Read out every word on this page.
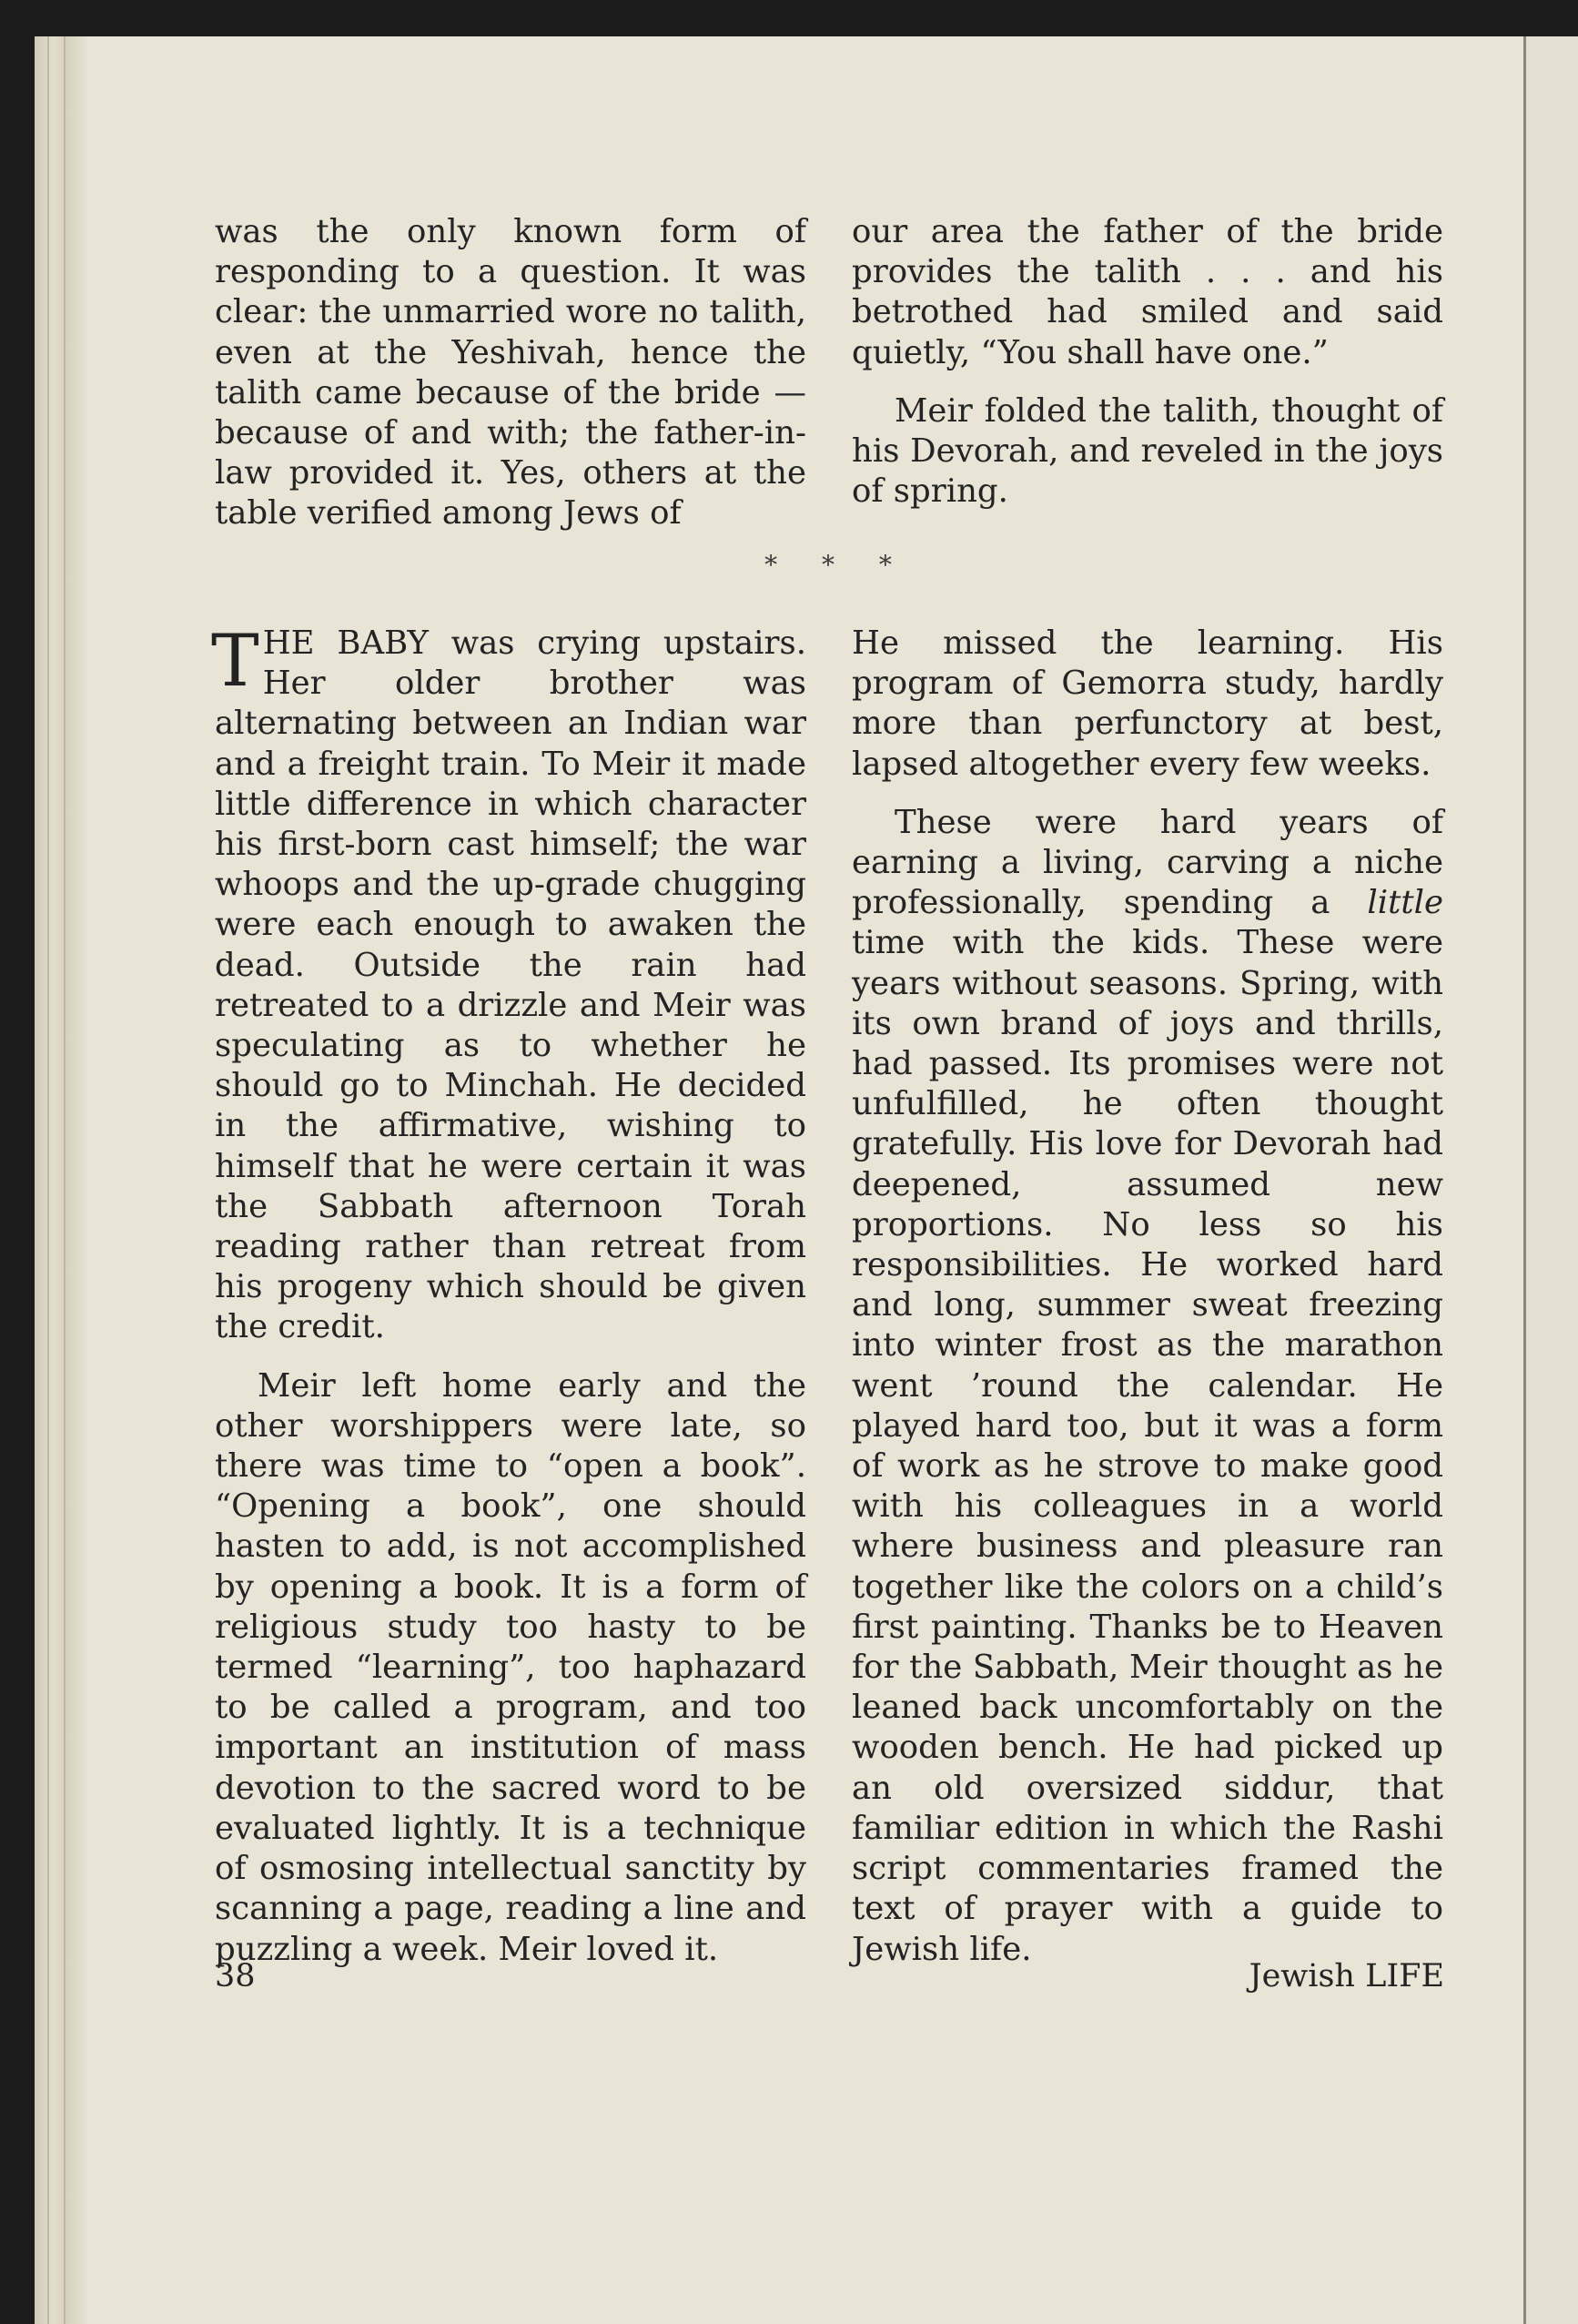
was the only known form of responding to a question. It was clear: the unmarried wore no talith, even at the Yeshivah, hence the talith came because of the bride —because of and with; the father-in-law provided it. Yes, others at the table verified among Jews of

our area the father of the bride provides the talith . . . and his betrothed had smiled and said quietly, “You shall have one.”

Meir folded the talith, thought of his Devorah, and reveled in the joys of spring.

* * *

THE BABY was crying upstairs. Her older brother was alternating between an Indian war and a freight train. To Meir it made little difference in which character his first-born cast himself; the war whoops and the up-grade chugging were each enough to awaken the dead. Outside the rain had retreated to a drizzle and Meir was speculating as to whether he should go to Minchah. He decided in the affirmative, wishing to himself that he were certain it was the Sabbath afternoon Torah reading rather than retreat from his progeny which should be given the credit.

Meir left home early and the other worshippers were late, so there was time to “open a book”. “Opening a book”, one should hasten to add, is not accomplished by opening a book. It is a form of religious study too hasty to be termed “learning”, too haphazard to be called a program, and too important an institution of mass devotion to the sacred word to be evaluated lightly. It is a technique of osmosing intellectual sanctity by scanning a page, reading a line and puzzling a week. Meir loved it.

He missed the learning. His program of Gemorra study, hardly more than perfunctory at best, lapsed altogether every few weeks.

These were hard years of earning a living, carving a niche professionally, spending a little time with the kids. These were years without seasons. Spring, with its own brand of joys and thrills, had passed. Its promises were not unfulfilled, he often thought gratefully. His love for Devorah had deepened, assumed new proportions. No less so his responsibilities. He worked hard and long, summer sweat freezing into winter frost as the marathon went ’round the calendar. He played hard too, but it was a form of work as he strove to make good with his colleagues in a world where business and pleasure ran together like the colors on a child’s first painting. Thanks be to Heaven for the Sabbath, Meir thought as he leaned back uncomfortably on the wooden bench. He had picked up an old oversized siddur, that familiar edition in which the Rashi script commentaries framed the text of prayer with a guide to Jewish life.

38	Jewish LIFE
